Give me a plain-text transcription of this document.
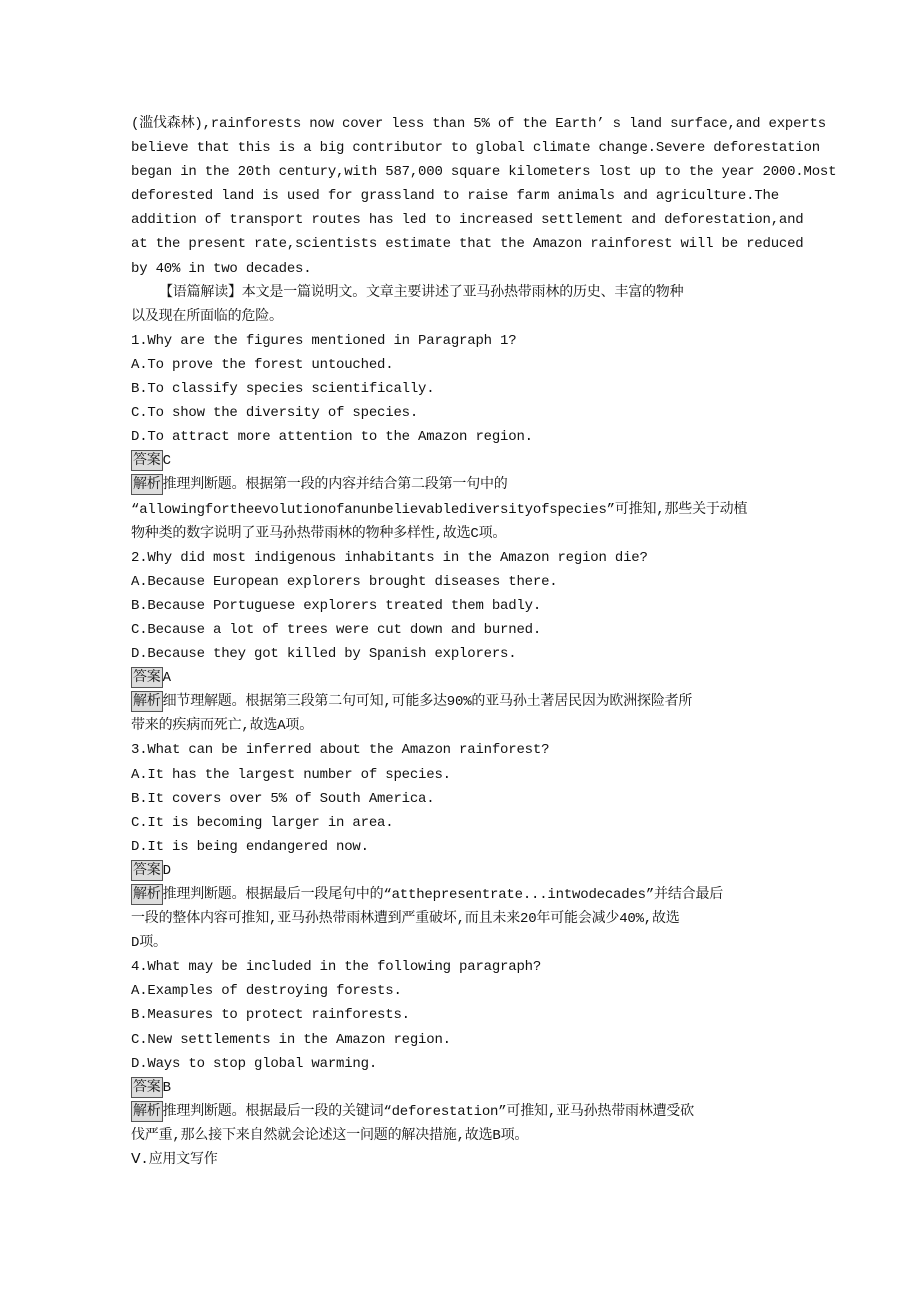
(滥伐森林),rainforests now cover less than 5% of the Earth’ s land surface,and experts
believe that this is a big contributor to global climate change.Severe deforestation
began in the 20th century,with 587,000 square kilometers lost up to the year 2000.Most
deforested land is used for grassland to raise farm animals and agriculture.The
addition of transport routes has led to increased settlement and deforestation,and
at the present rate,scientists estimate that the Amazon rainforest will be reduced
by 40% in two decades.
【语篇解读】本文是一篇说明文。文章主要讲述了亚马孙热带雨林的历史、丰富的物种
以及现在所面临的危险。
1.Why are the figures mentioned in Paragraph 1?
A.To prove the forest untouched.
B.To classify species scientifically.
C.To show the diversity of species.
D.To attract more attention to the Amazon region.
答案 C
解析 推理判断题。根据第一段的内容并结合第二段第一句中的
“allowingfortheevolutionofanunbelievablediversityofspecies”可推知,那些关于动植
物种类的数字说明了亚马孙热带雨林的物种多样性,故选C项。
2.Why did most indigenous inhabitants in the Amazon region die?
A.Because European explorers brought diseases there.
B.Because Portuguese explorers treated them badly.
C.Because a lot of trees were cut down and burned.
D.Because they got killed by Spanish explorers.
答案 A
解析 细节理解题。根据第三段第二句可知,可能多达90%的亚马孙土著居民因为欧洲探险者所
带来的疾病而死亡,故选A项。
3.What can be inferred about the Amazon rainforest?
A.It has the largest number of species.
B.It covers over 5% of South America.
C.It is becoming larger in area.
D.It is being endangered now.
答案 D
解析 推理判断题。根据最后一段尾句中的“atthepresentrate...intwodecades”并结合最后
一段的整体内容可推知,亚马孙热带雨林遭到严重破坏,而且未来20年可能会减少40%,故选
D项。
4.What may be included in the following paragraph?
A.Examples of destroying forests.
B.Measures to protect rainforests.
C.New settlements in the Amazon region.
D.Ways to stop global warming.
答案 B
解析 推理判断题。根据最后一段的关键词“deforestation”可推知,亚马孙热带雨林遭受砍
伐严重,那么接下来自然就会论述这一问题的解决措施,故选B项。
Ⅴ.应用文写作
